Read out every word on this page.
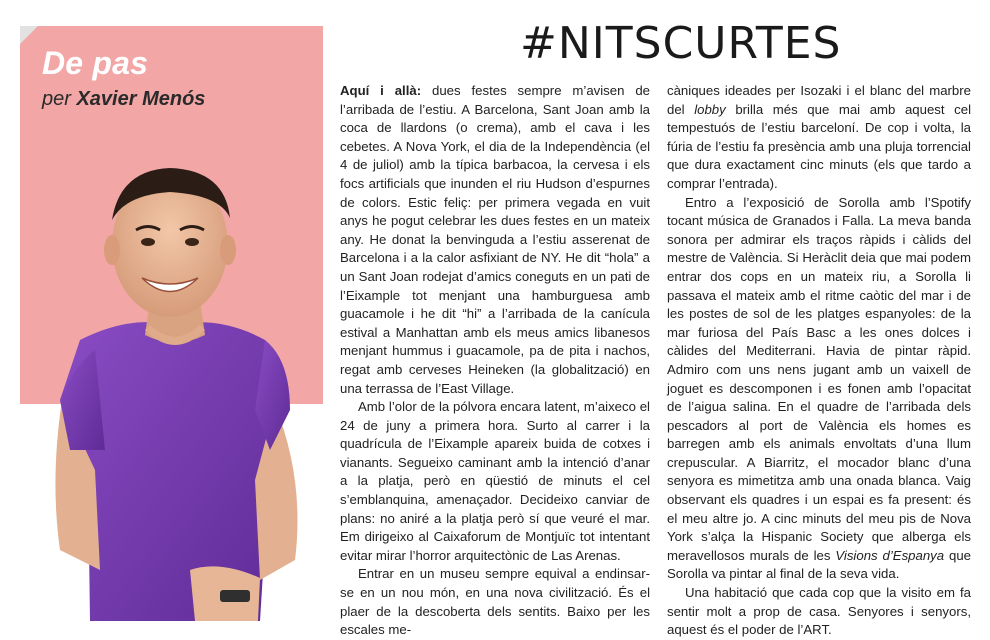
De pas
per Xavier Menós
#NITSCURTES

Aquí i allà: dues festes sempre m’avisen de l’arribada de l’estiu. A Barcelona, Sant Joan amb la coca de llardons (o crema), amb el cava i les cebetes. A Nova York, el dia de la Independència (el 4 de juliol) amb la típica barbacoa, la cervesa i els focs artificials que inunden el riu Hudson d’espurnes de colors. Estic feliç: per primera vegada en vuit anys he pogut celebrar les dues festes en un mateix any. He donat la benvinguda a l’estiu asserenat de Barcelona i a la calor asfixiant de NY. He dit “hola” a un Sant Joan rodejat d’amics coneguts en un pati de l’Eixample tot menjant una hamburguesa amb guacamole i he dit “hi” a l’arribada de la canícula estival a Manhattan amb els meus amics libanesos menjant hummus i guacamole, pa de pita i nachos, regat amb cerveses Heineken (la globalització) en una terrassa de l’East Village.

Amb l’olor de la pólvora encara latent, m’aixeco el 24 de juny a primera hora. Surto al carrer i la quadrícula de l’Eixample apareix buida de cotxes i vianants. Segueixo caminant amb la intenció d’anar a la platja, però en qüestió de minuts el cel s’emblanquina, amenaçador. Decideixo canviar de plans: no aniré a la platja però sí que veuré el mar. Em dirigeixo al Caixaforum de Montjuïc tot intentant evitar mirar l’horror arquitectònic de Las Arenas.

Entrar en un museu sempre equival a endinsar-se en un nou món, en una nova civilització. És el plaer de la descoberta dels sentits. Baixo per les escales me-

càniques ideades per Isozaki i el blanc del marbre del lobby brilla més que mai amb aquest cel tempestuós de l’estiu barceloní. De cop i volta, la fúria de l’estiu fa presència amb una pluja torrencial que dura exactament cinc minuts (els que tardo a comprar l’entrada).

Entro a l’exposició de Sorolla amb l’Spotify tocant música de Granados i Falla. La meva banda sonora per admirar els traços ràpids i càlids del mestre de València. Si Heràclit deia que mai podem entrar dos cops en un mateix riu, a Sorolla li passava el mateix amb el ritme caòtic del mar i de les postes de sol de les platges espanyoles: de la mar furiosa del País Basc a les ones dolces i càlides del Mediterrani. Havia de pintar ràpid. Admiro com uns nens jugant amb un vaixell de joguet es descomponen i es fonen amb l’opacitat de l’aigua salina. En el quadre de l’arribada dels pescadors al port de València els homes es barregen amb els animals envoltats d’una llum crepuscular. A Biarritz, el mocador blanc d’una senyora es mimetitza amb una onada blanca. Vaig observant els quadres i un espai es fa present: és el meu altre jo. A cinc minuts del meu pis de Nova York s’alça la Hispanic Society que alberga els meravellosos murals de les Visions d’Espanya que Sorolla va pintar al final de la seva vida.

Una habitació que cada cop que la visito em fa sentir molt a prop de casa. Senyores i senyors, aquest és el poder de l’ART.
